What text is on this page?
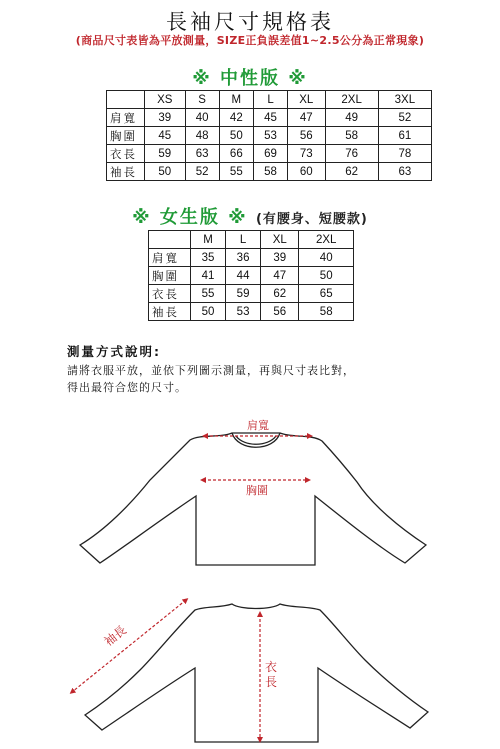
長袖尺寸規格表
(商品尺寸表皆為平放測量，SIZE正負誤差值1~2.5公分為正常現象)
※ 中性版 ※
	XS	S	M	L	XL	2XL	3XL
肩寬	39	40	42	45	47	49	52
胸圍	45	48	50	53	56	58	61
衣長	59	63	66	69	73	76	78
袖長	50	52	55	58	60	62	63
※ 女生版 ※ (有腰身、短腰款)
	M	L	XL	2XL
肩寬	35	36	39	40
胸圍	41	44	47	50
衣長	55	59	62	65
袖長	50	53	56	58
測量方式說明:
請將衣服平放，並依下列圖示測量，再與尺寸表比對，
得出最符合您的尺寸。
肩寬
胸圍
袖長
衣長
